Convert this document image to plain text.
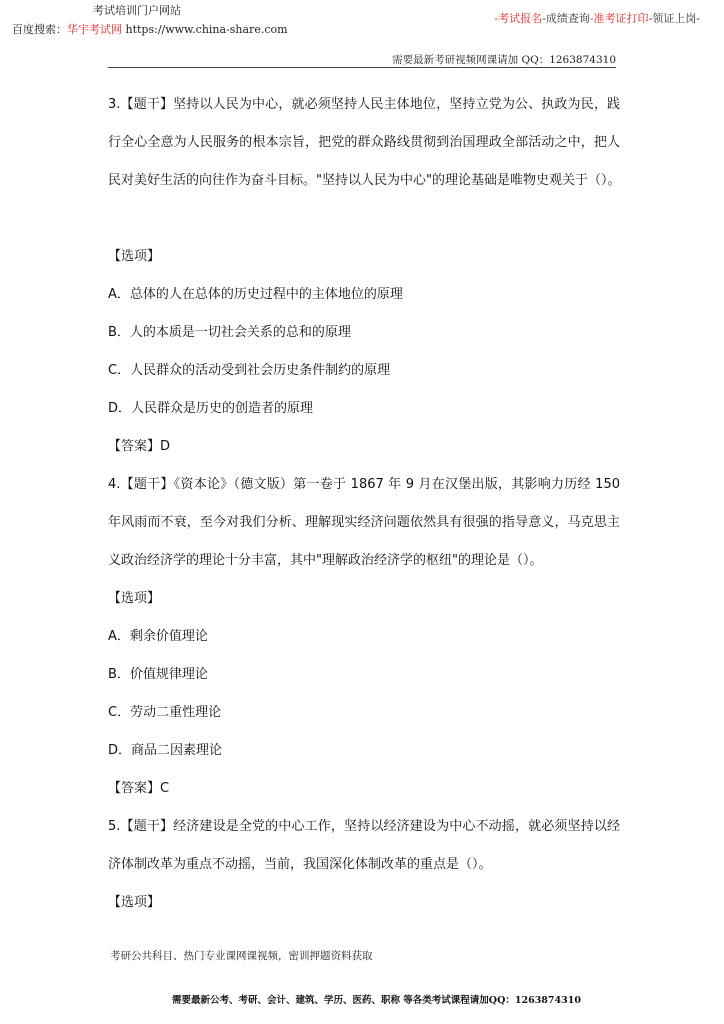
考试培训门户网站
百度搜索：华宇考试网 https://www.china-share.com
-考试报名-成绩查询-准考证打印-领证上岗-
需要最新考研视频网课请加 QQ：1263874310
3.【题干】坚持以人民为中心，就必须坚持人民主体地位，坚持立党为公、执政为民，践
行全心全意为人民服务的根本宗旨，把党的群众路线贯彻到治国理政全部活动之中，把人
民对美好生活的向往作为奋斗目标。"坚持以人民为中心"的理论基础是唯物史观关于（）。
【选项】
A．总体的人在总体的历史过程中的主体地位的原理
B．人的本质是一切社会关系的总和的原理
C．人民群众的活动受到社会历史条件制约的原理
D．人民群众是历史的创造者的原理
【答案】D
4.【题干】《资本论》（德文版）第一卷于 1867 年 9 月在汉堡出版，其影响力历经 150
年风雨而不衰，至今对我们分析、理解现实经济问题依然具有很强的指导意义，马克思主
义政治经济学的理论十分丰富，其中"理解政治经济学的枢纽"的理论是（）。
【选项】
A．剩余价值理论
B．价值规律理论
C．劳动二重性理论
D．商品二因素理论
【答案】C
5.【题干】经济建设是全党的中心工作，坚持以经济建设为中心不动摇，就必须坚持以经
济体制改革为重点不动摇，当前，我国深化体制改革的重点是（）。
【选项】
考研公共科目、热门专业课网课视频，密训押题资料获取
需要最新公考、考研、会计、建筑、学历、医药、职称 等各类考试课程请加QQ：1263874310
